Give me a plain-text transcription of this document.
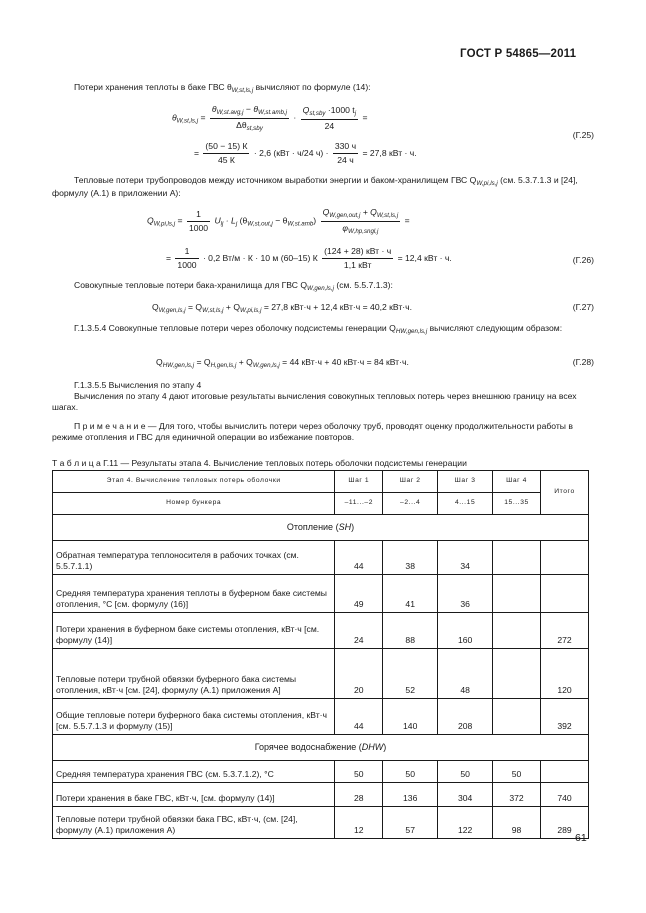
ГОСТ Р 54865—2011

Потери хранения теплоты в баке ГВС $\theta_{W,st,ls,j}$ вычисляют по формуле (14):

$\theta_{W,st,ls,j} = \frac{\theta_{W,st.avg,j} - \theta_{W,st.amb,j}}{\Delta\theta_{st,sby}} \cdot \frac{Q_{st,sby} \cdot 1000 t_j}{24}$ =
= $\frac{(50 - 15) К}{45 К} \cdot 2,6$ (кВт · ч/24 $ч) \cdot \frac{330 ч}{24 ч} = 27,8$ кВт · ч.
(Г.25)

Тепловые потери трубопроводов между источником выработки энергии и баком-хранилищем ГВС $Q_{W,pi,ls,j}$ (см. 5.3.7.1.3 и [24], формулу (А.1) в приложении А):

$Q_{W,pi,ls,j} = \frac{1}{1000} U_{lj} \cdot L_j$ $(\theta_{W,st,out,j} - \theta_{W,st.amb}) \frac{Q_{W,gen,out,j} + Q_{W,st,ls,j}}{\varphi_{W,hp,sngl,j}}$ =
= $\frac{1}{1000} \cdot 0,2$ Вт/м · К · 10 м (60–15) К $\frac{\text{(124 + 28) кВт · ч}}{\text{1,1 кВт}} = 12,4$ кВт · ч.	(Г.26)

Совокупные тепловые потери бака-хранилища для ГВС $Q_{W,gen,ls,j}$ (см. 5.5.7.1.3):

$Q_{W,gen,ls,j} = Q_{W,st,ls,j} + Q_{W,pi,ls,j} = 27,8$ кВт·ч + 12,4 кВт·ч = 40,2 кВт·ч.	(Г.27)

Г.1.3.5.4 Совокупные тепловые потери через оболочку подсистемы генерации $Q_{HW,gen,ls,j}$ вычисляют следующим образом:

$Q_{HW,gen,ls,j} = Q_{H,gen,ls,j} + Q_{W,gen,ls,j} = 44$ кВт·ч + 40 кВт·ч = 84 кВт·ч.	(Г.28)

Г.1.3.5.5 Вычисления по этапу 4

Вычисления по этапу 4 дают итоговые результаты вычисления совокупных тепловых потерь через внешнюю границу на всех шагах.

П р и м е ч а н и е — Для того, чтобы вычислить потери через оболочку труб, проводят оценку продолжительности работы в режиме отопления и ГВС для единичной операции во избежание повторов.

Т а б л и ц а Г.11 — Результаты этапа 4. Вычисление тепловых потерь оболочки подсистемы генерации
Этап 4. Вычисление тепловых потерь оболочки	Шаг 1	Шаг 2	Шаг 3	Шаг 4	Итого
Номер бункера	–11...–2	–2...4	4...15	15...35	
Отопление (SH)					
Обратная температура теплоносителя в рабочих точках (см. 5.5.7.1.1)	44	38	34		
Средняя температура хранения теплоты в буферном баке системы отопления, °C [см. формулу (16)]	49	41	36		
Потери хранения в буферном баке системы отопления, кВт·ч [см. формулу (14)]	24	88	160		272
Тепловые потери трубной обвязки буферного бака системы отопления, кВт·ч [см. [24], формулу (А.1) приложения А]	20	52	48		120
Общие тепловые потери буферного бака системы отопления, кВт·ч [см. 5.5.7.1.3 и формулу (15)]	44	140	208		392
Горячее водоснабжение (DHW)					
Средняя температура хранения ГВС (см. 5.3.7.1.2), °C	50	50	50	50	
Потери хранения в баке ГВС, кВт·ч, [см. формулу (14)]	28	136	304	372	740
Тепловые потери трубной обвязки бака ГВС, кВт·ч, (см. [24], формулу (А.1) приложения А)	12	57	122	98	289
61
